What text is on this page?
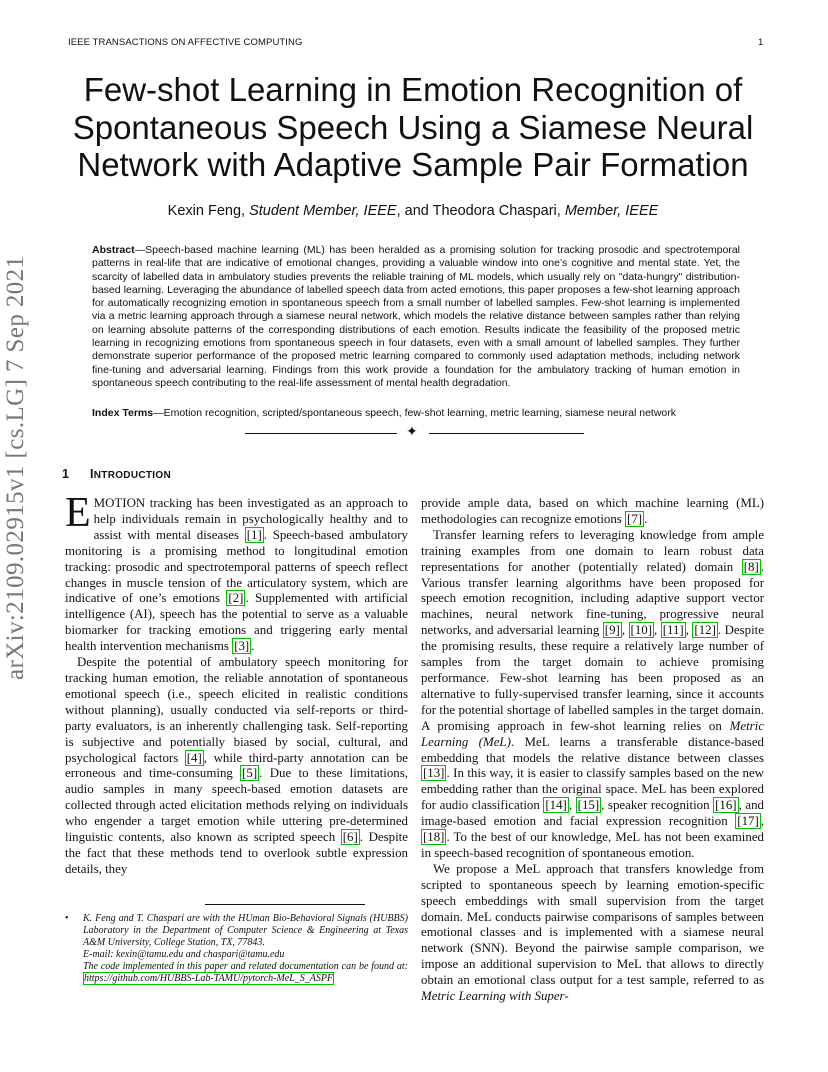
IEEE TRANSACTIONS ON AFFECTIVE COMPUTING	1
arXiv:2109.02915v1 [cs.LG] 7 Sep 2021
Few-shot Learning in Emotion Recognition of Spontaneous Speech Using a Siamese Neural Network with Adaptive Sample Pair Formation
Kexin Feng, Student Member, IEEE, and Theodora Chaspari, Member, IEEE
Abstract—Speech-based machine learning (ML) has been heralded as a promising solution for tracking prosodic and spectrotemporal patterns in real-life that are indicative of emotional changes, providing a valuable window into one’s cognitive and mental state. Yet, the scarcity of labelled data in ambulatory studies prevents the reliable training of ML models, which usually rely on "data-hungry" distribution-based learning. Leveraging the abundance of labelled speech data from acted emotions, this paper proposes a few-shot learning approach for automatically recognizing emotion in spontaneous speech from a small number of labelled samples. Few-shot learning is implemented via a metric learning approach through a siamese neural network, which models the relative distance between samples rather than relying on learning absolute patterns of the corresponding distributions of each emotion. Results indicate the feasibility of the proposed metric learning in recognizing emotions from spontaneous speech in four datasets, even with a small amount of labelled samples. They further demonstrate superior performance of the proposed metric learning compared to commonly used adaptation methods, including network fine-tuning and adversarial learning. Findings from this work provide a foundation for the ambulatory tracking of human emotion in spontaneous speech contributing to the real-life assessment of mental health degradation.
Index Terms—Emotion recognition, scripted/spontaneous speech, few-shot learning, metric learning, siamese neural network
✦
1 INTRODUCTION

EMOTION tracking has been investigated as an approach to help individuals remain in psychologically healthy and to assist with mental diseases [1] . Speech-based ambulatory monitoring is a promising method to longitudinal emotion tracking: prosodic and spectrotemporal patterns of speech reflect changes in muscle tension of the articulatory system, which are indicative of one’s emotions [2] . Supplemented with artificial intelligence (AI), speech has the potential to serve as a valuable biomarker for tracking emotions and triggering early mental health intervention mechanisms [3] .

Despite the potential of ambulatory speech monitoring for tracking human emotion, the reliable annotation of spontaneous emotional speech (i.e., speech elicited in realistic conditions without planning), usually conducted via self-reports or third-party evaluators, is an inherently challenging task. Self-reporting is subjective and potentially biased by social, cultural, and psychological factors [4] , while third-party annotation can be erroneous and time-consuming [5] . Due to these limitations, audio samples in many speech-based emotion datasets are collected through acted elicitation methods relying on individuals who engender a target emotion while uttering pre-determined linguistic contents, also known as scripted speech [6] . Despite the fact that these methods tend to overlook subtle expression details, they

• K. Feng and T. Chaspari are with the HUman Bio-Behavioral Signals (HUBBS) Laboratory in the Department of Computer Science & Engineering at Texas A&M University, College Station, TX, 77843.
E-mail: kexin@tamu.edu and chaspari@tamu.edu
The code implemented in this paper and related documentation can be found at: https://github.com/HUBBS-Lab-TAMU/pytorch-MeL_S_ASPF

provide ample data, based on which machine learning (ML) methodologies can recognize emotions [7] .

Transfer learning refers to leveraging knowledge from ample training examples from one domain to learn robust data representations for another (potentially related) domain [8] . Various transfer learning algorithms have been proposed for speech emotion recognition, including adaptive support vector machines, neural network fine-tuning, progressive neural networks, and adversarial learning [9] , [10] , [11] , [12] . Despite the promising results, these require a relatively large number of samples from the target domain to achieve promising performance. Few-shot learning has been proposed as an alternative to fully-supervised transfer learning, since it accounts for the potential shortage of labelled samples in the target domain. A promising approach in few-shot learning relies on Metric Learning (MeL). MeL learns a transferable distance-based embedding that models the relative distance between classes [13] . In this way, it is easier to classify samples based on the new embedding rather than the original space. MeL has been explored for audio classification [14] , [15] , speaker recognition [16] , and image-based emotion and facial expression recognition [17] , [18] . To the best of our knowledge, MeL has not been examined in speech-based recognition of spontaneous emotion.

We propose a MeL approach that transfers knowledge from scripted to spontaneous speech by learning emotion-specific speech embeddings with small supervision from the target domain. MeL conducts pairwise comparisons of samples between emotional classes and is implemented with a siamese neural network (SNN). Beyond the pairwise sample comparison, we impose an additional supervision to MeL that allows to directly obtain an emotional class output for a test sample, referred to as Metric Learning with Super-
